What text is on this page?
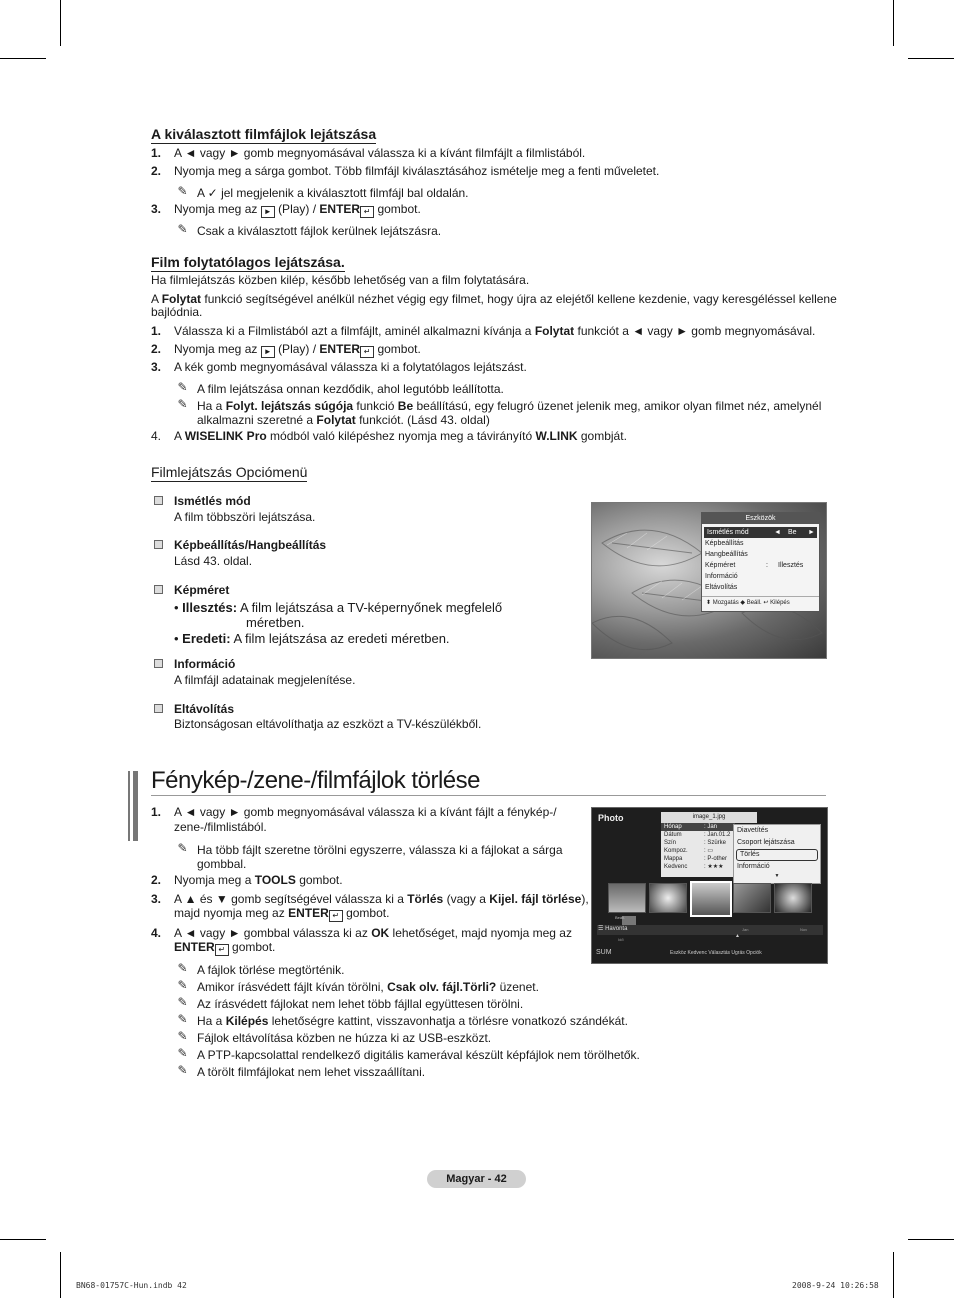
A kiválasztott filmfájlok lejátszása
1. A ◄ vagy ► gomb megnyomásával válassza ki a kívánt filmfájlt a filmlistából.
2. Nyomja meg a sárga gombot. Több filmfájl kiválasztásához ismételje meg a fenti műveletet.
✎ A ✓ jel megjelenik a kiválasztott filmfájl bal oldalán.
3. Nyomja meg az ► (Play) / ENTER ↵ gombot.
✎ Csak a kiválasztott fájlok kerülnek lejátszásra.
Film folytatólagos lejátszása.
Ha filmlejátszás közben kilép, később lehetőség van a film folytatására.
A Folytat funkció segítségével anélkül nézhet végig egy filmet, hogy újra az elejétől kellene kezdenie, vagy keresgéléssel kellene
bajlódnia.
1. Válassza ki a Filmlistából azt a filmfájlt, aminél alkalmazni kívánja a Folytat funkciót a ◄ vagy ► gomb megnyomásával.
2. Nyomja meg az ► (Play) / ENTER ↵ gombot.
3. A kék gomb megnyomásával válassza ki a folytatólagos lejátszást.
✎ A film lejátszása onnan kezdődik, ahol legutóbb leállította.
✎ Ha a Folyt. lejátszás súgója funkció Be beállítású, egy felugró üzenet jelenik meg, amikor olyan filmet néz, amelynél
alkalmazni szeretné a Folytat funkciót. (Lásd 43. oldal)
4. A WISELINK Pro módból való kilépéshez nyomja meg a távirányító W.LINK gombját.
Filmlejátszás Opciómenü
Ismétlés mód
A film többszöri lejátszása.
Képbeállítás/Hangbeállítás
Lásd 43. oldal.
Képméret
• Illesztés: A film lejátszása a TV-képernyőnek megfelelő
méretben.
• Eredeti: A film lejátszása az eredeti méretben.
Információ
A filmfájl adatainak megjelenítése.
Eltávolítás
Biztonságosan eltávolíthatja az eszközt a TV-készülékből.
Eszközök
Ismétlés mód	◄ Be ►
Képbeállítás
Hangbeállítás
Képméret	: Illesztés
Információ
Eltávolítás
⬍ Mozgatás ◆ Beáll. ↩ Kilépés
Fénykép-/zene-/filmfájlok törlése
1. A ◄ vagy ► gomb megnyomásával válassza ki a kívánt fájlt a fénykép-/
zene-/filmlistából.
✎ Ha több fájlt szeretne törölni egyszerre, válassza ki a fájlokat a sárga
gombbal.
2. Nyomja meg a TOOLS gombot.
3. A ▲ és ▼ gomb segítségével válassza ki a Törlés (vagy a Kijel. fájl törlése),
majd nyomja meg az ENTER ↵ gombot.
4. A ◄ vagy ► gombbal válassza ki az OK lehetőséget, majd nyomja meg az
ENTER ↵ gombot.
✎ A fájlok törlése megtörténik.
✎ Amikor írásvédett fájlt kíván törölni, Csak olv. fájl.Törli? üzenet.
✎ Az írásvédett fájlokat nem lehet több fájllal együttesen törölni.
✎ Ha a Kilépés lehetőségre kattint, visszavonhatja a törlésre vonatkozó szándékát.
✎ Fájlok eltávolítása közben ne húzza ki az USB-eszközt.
✎ A PTP-kapcsolattal rendelkező digitális kamerával készült képfájlok nem törölhetők.
✎ A törölt filmfájlokat nem lehet visszaállítani.
Photo	image_1.jpg
Hónap	: Jan
Dátum	: Jan.01.2
Szín	: Szürke
Kompoz.	: ▭
Mappa	: P-other
Kedvenc	: ★★★
Diavetítés
Csoport lejátszása
Törlés
Információ
▼
Beáll.
☰ Havonta	Jan	Nov
Idő
▲
SUM	Eszköz Kedvenc Választás Ugrás Opciók
Magyar - 42
BN68-01757C-Hun.indb 42	2008-9-24 10:26:58
